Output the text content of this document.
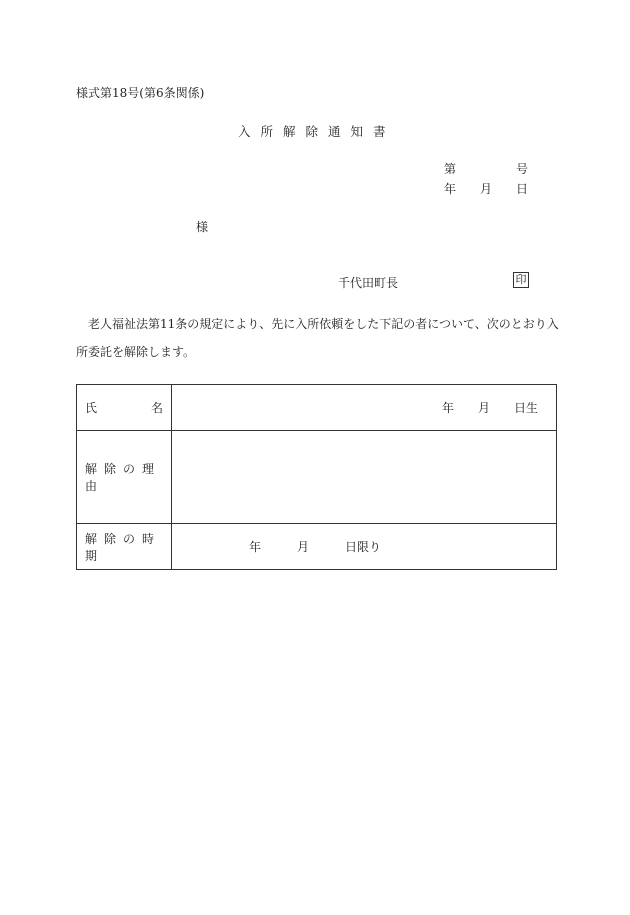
様式第18号(第6条関係)
入所解除通知書
第	号
年 月 日
様
千代田町長	印
老人福祉法第11条の規定により、先に入所依頼をした下記の者について、次のとおり入所委託を解除します。
氏 名	年 月 日生

解除の理由	

解除の時期	年 月 日限り
